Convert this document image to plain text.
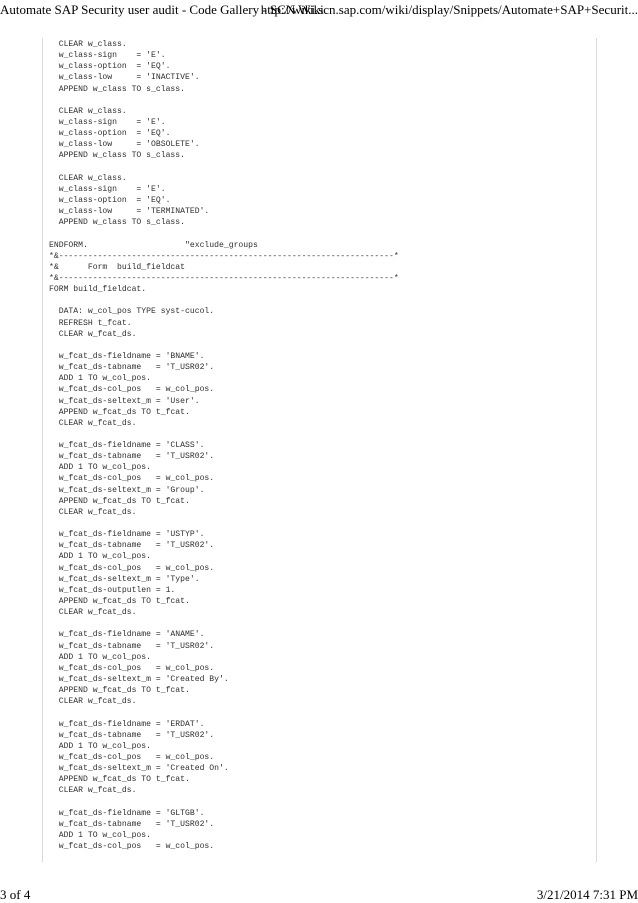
Automate SAP Security user audit - Code Gallery - SCN Wiki
http://wiki.scn.sap.com/wiki/display/Snippets/Automate+SAP+Securit...
CLEAR w_class.
w_class-sign    = 'E'.
w_class-option  = 'EQ'.
w_class-low     = 'INACTIVE'.
APPEND w_class TO s_class.
CLEAR w_class.
w_class-sign    = 'E'.
w_class-option  = 'EQ'.
w_class-low     = 'OBSOLETE'.
APPEND w_class TO s_class.
CLEAR w_class.
w_class-sign    = 'E'.
w_class-option  = 'EQ'.
w_class-low     = 'TERMINATED'.
APPEND w_class TO s_class.
ENDFORM.                    "exclude_groups
*&---------------------------------------------------------------------*
*&      Form  build_fieldcat
*&---------------------------------------------------------------------*
FORM build_fieldcat.
DATA: w_col_pos TYPE syst-cucol.
REFRESH t_fcat.
CLEAR w_fcat_ds.
w_fcat_ds-fieldname = 'BNAME'.
w_fcat_ds-tabname   = 'T_USR02'.
ADD 1 TO w_col_pos.
w_fcat_ds-col_pos   = w_col_pos.
w_fcat_ds-seltext_m = 'User'.
APPEND w_fcat_ds TO t_fcat.
CLEAR w_fcat_ds.
w_fcat_ds-fieldname = 'CLASS'.
w_fcat_ds-tabname   = 'T_USR02'.
ADD 1 TO w_col_pos.
w_fcat_ds-col_pos   = w_col_pos.
w_fcat_ds-seltext_m = 'Group'.
APPEND w_fcat_ds TO t_fcat.
CLEAR w_fcat_ds.
w_fcat_ds-fieldname = 'USTYP'.
w_fcat_ds-tabname   = 'T_USR02'.
ADD 1 TO w_col_pos.
w_fcat_ds-col_pos   = w_col_pos.
w_fcat_ds-seltext_m = 'Type'.
w_fcat_ds-outputlen = 1.
APPEND w_fcat_ds TO t_fcat.
CLEAR w_fcat_ds.
w_fcat_ds-fieldname = 'ANAME'.
w_fcat_ds-tabname   = 'T_USR02'.
ADD 1 TO w_col_pos.
w_fcat_ds-col_pos   = w_col_pos.
w_fcat_ds-seltext_m = 'Created By'.
APPEND w_fcat_ds TO t_fcat.
CLEAR w_fcat_ds.
w_fcat_ds-fieldname = 'ERDAT'.
w_fcat_ds-tabname   = 'T_USR02'.
ADD 1 TO w_col_pos.
w_fcat_ds-col_pos   = w_col_pos.
w_fcat_ds-seltext_m = 'Created On'.
APPEND w_fcat_ds TO t_fcat.
CLEAR w_fcat_ds.
w_fcat_ds-fieldname = 'GLTGB'.
w_fcat_ds-tabname   = 'T_USR02'.
ADD 1 TO w_col_pos.
w_fcat_ds-col_pos   = w_col_pos.
3 of 4	3/21/2014 7:31 PM
